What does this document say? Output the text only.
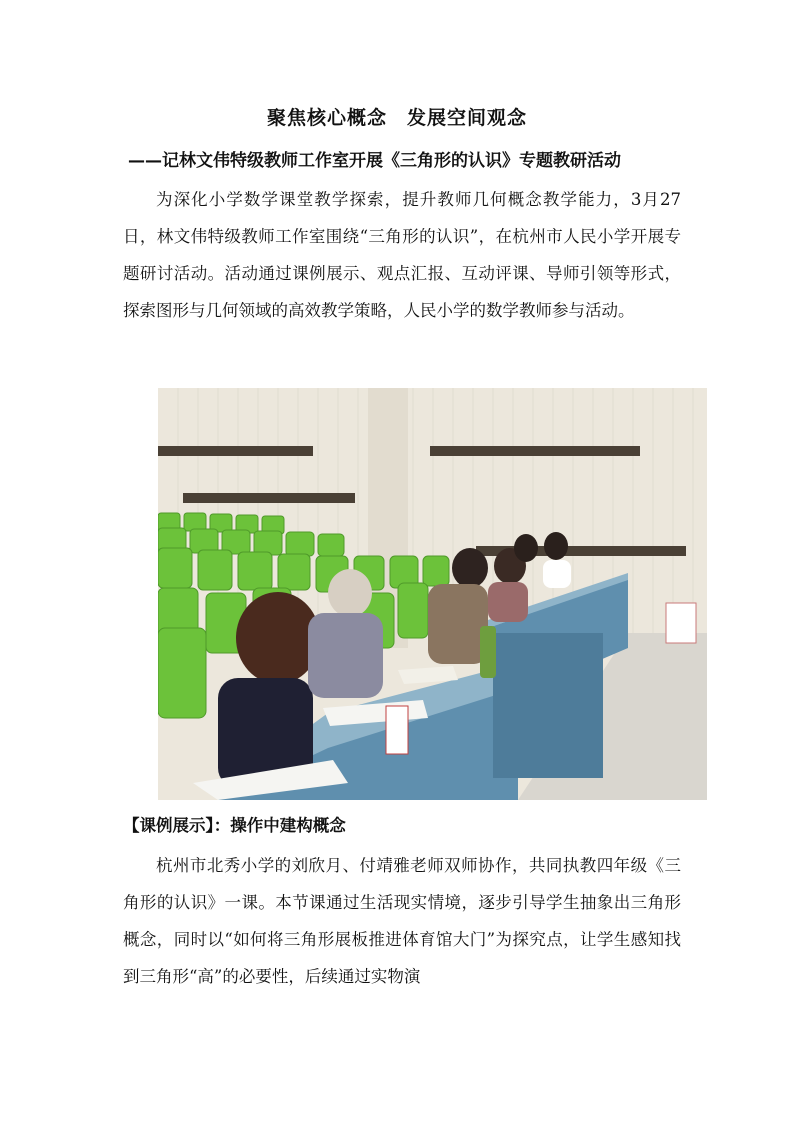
聚焦核心概念　发展空间观念
——记林文伟特级教师工作室开展《三角形的认识》专题教研活动

为深化小学数学课堂教学探索，提升教师几何概念教学能力，3月27日，林文伟特级教师工作室围绕“三角形的认识”，在杭州市人民小学开展专题研讨活动。活动通过课例展示、观点汇报、互动评课、导师引领等形式，探索图形与几何领域的高效教学策略，人民小学的数学教师参与活动。

【课例展示】：操作中建构概念

杭州市北秀小学的刘欣月、付靖雅老师双师协作，共同执教四年级《三角形的认识》一课。本节课通过生活现实情境，逐步引导学生抽象出三角形概念，同时以“如何将三角形展板推进体育馆大门”为探究点，让学生感知找到三角形“高”的必要性，后续通过实物演
